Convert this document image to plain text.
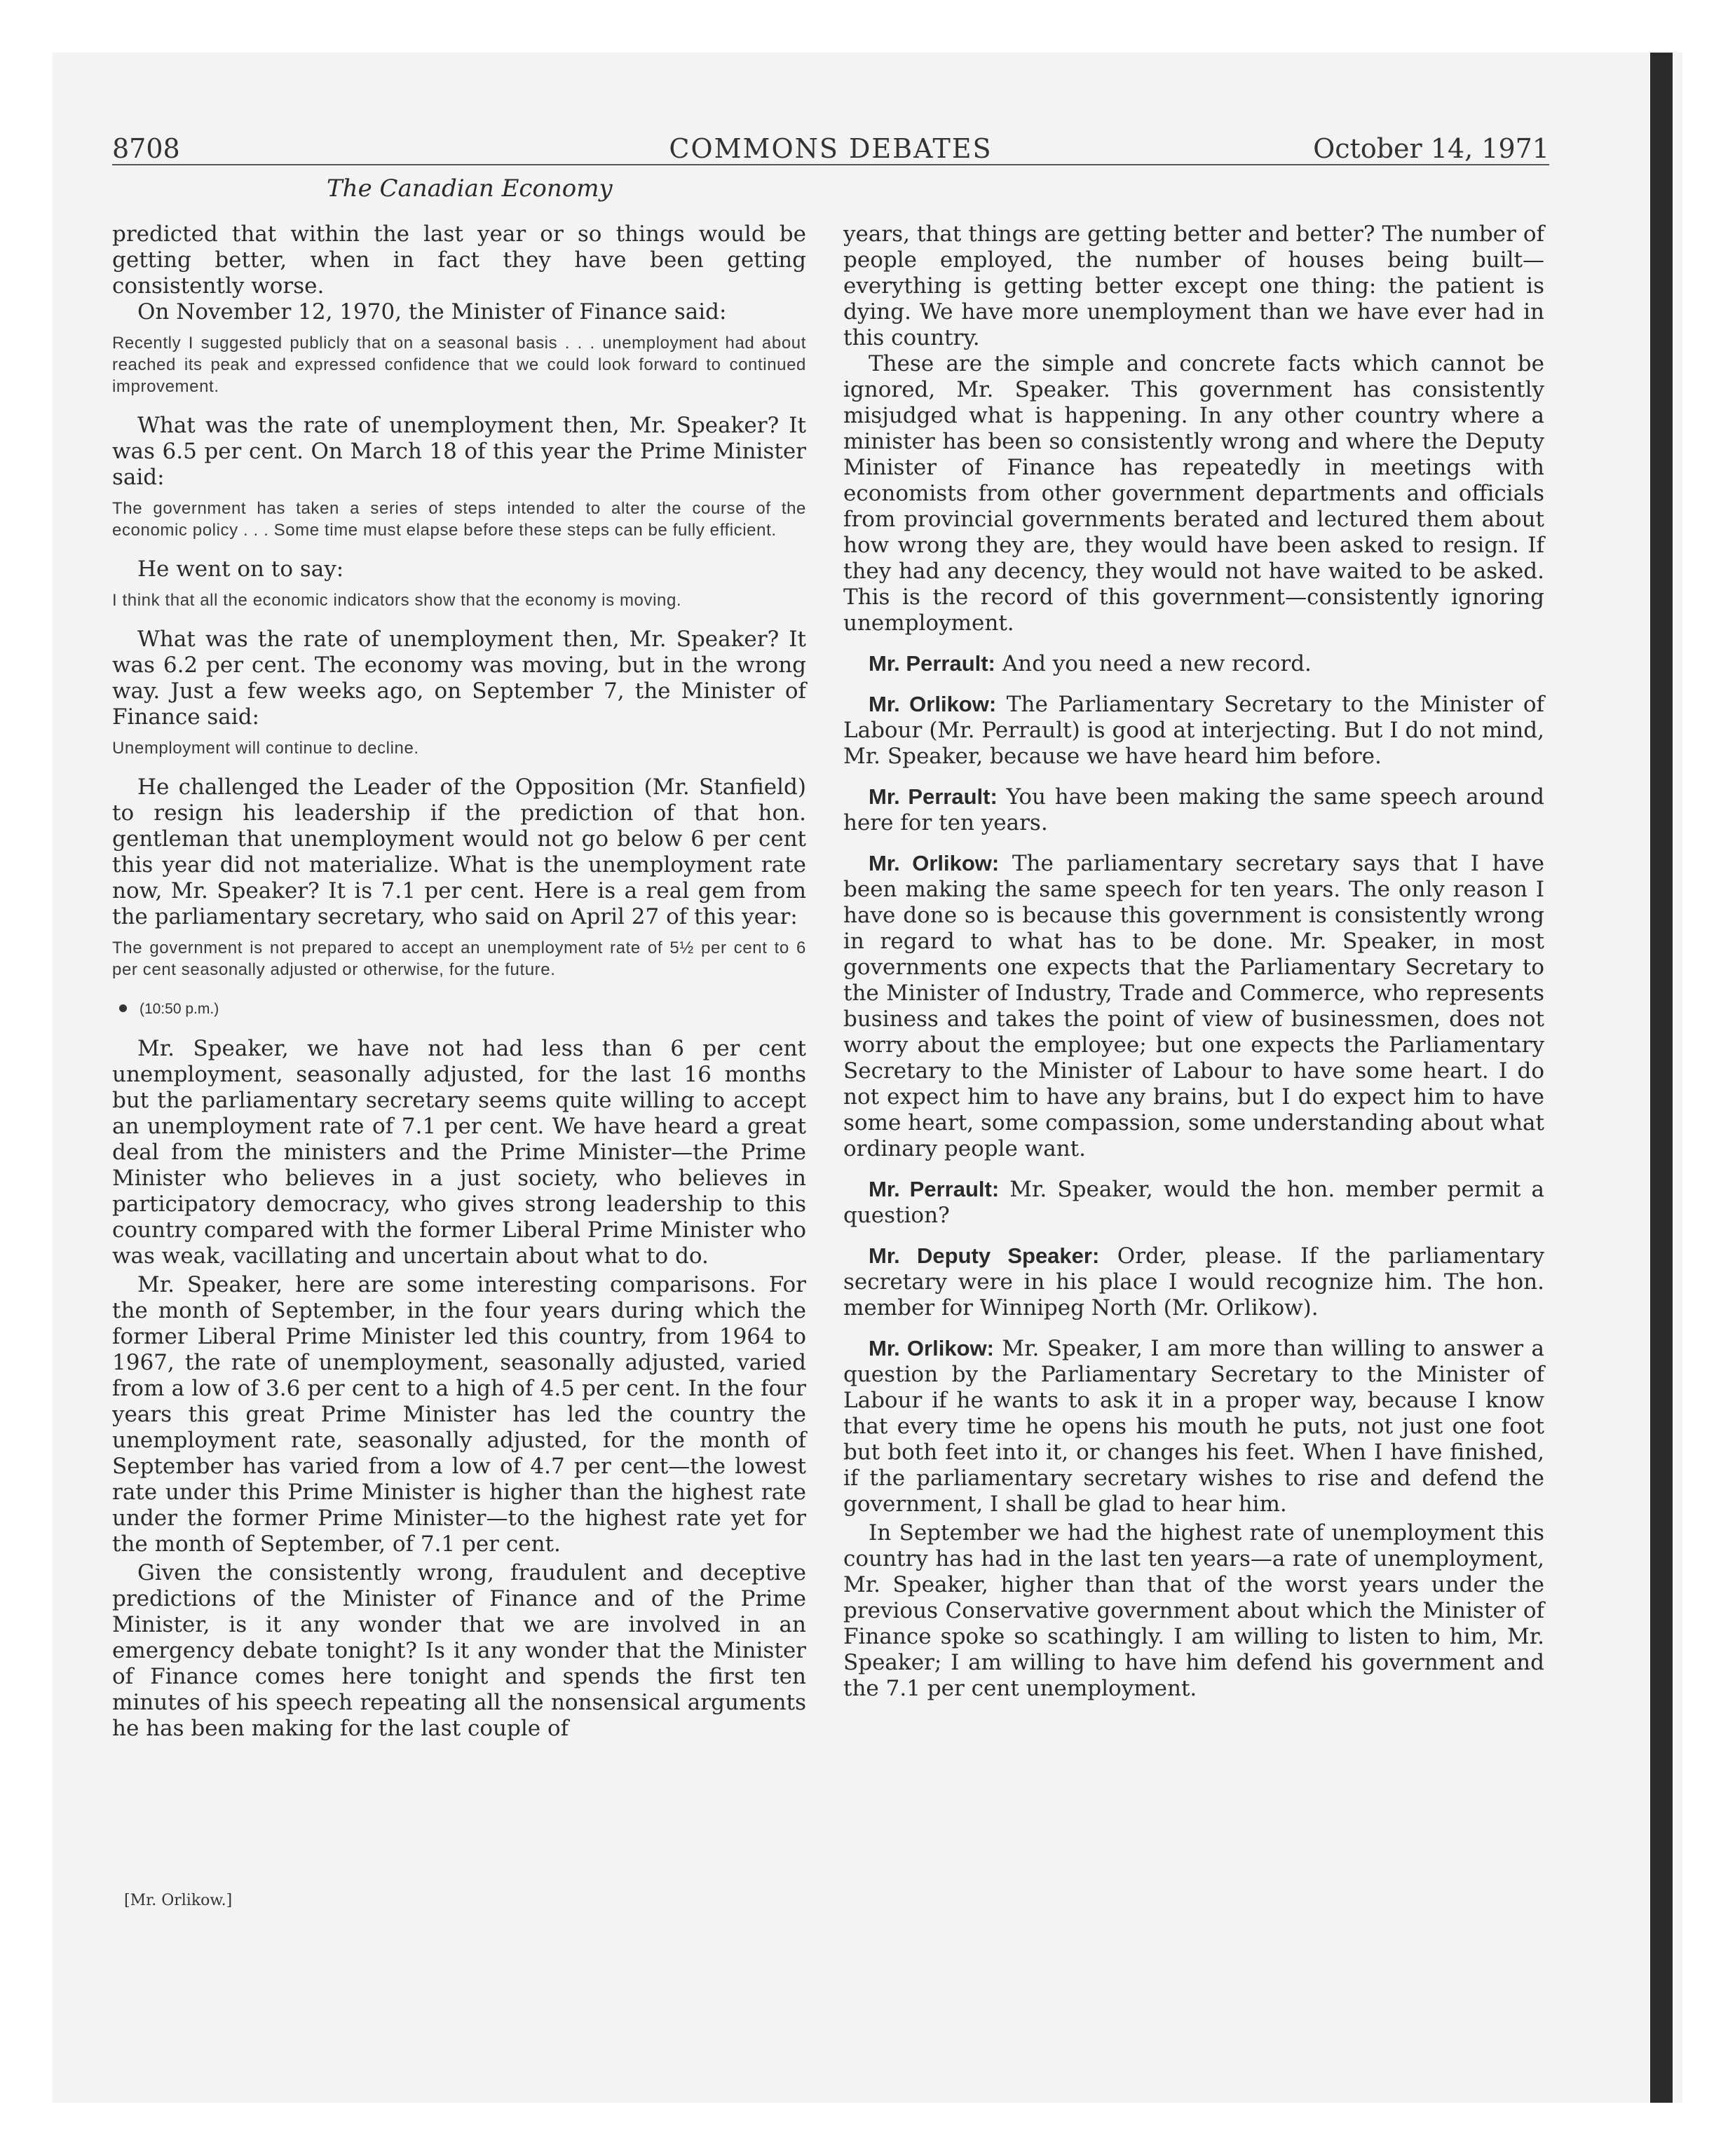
8708	COMMONS DEBATES	October 14, 1971
The Canadian Economy

predicted that within the last year or so things would be getting better, when in fact they have been getting consistently worse.

On November 12, 1970, the Minister of Finance said:

Recently I suggested publicly that on a seasonal basis . . . unemployment had about reached its peak and expressed confidence that we could look forward to continued improvement.

What was the rate of unemployment then, Mr. Speaker? It was 6.5 per cent. On March 18 of this year the Prime Minister said:

The government has taken a series of steps intended to alter the course of the economic policy . . . Some time must elapse before these steps can be fully efficient.

He went on to say:

I think that all the economic indicators show that the economy is moving.

What was the rate of unemployment then, Mr. Speaker? It was 6.2 per cent. The economy was moving, but in the wrong way. Just a few weeks ago, on September 7, the Minister of Finance said:

Unemployment will continue to decline.

He challenged the Leader of the Opposition (Mr. Stanfield) to resign his leadership if the prediction of that hon. gentleman that unemployment would not go below 6 per cent this year did not materialize. What is the unemployment rate now, Mr. Speaker? It is 7.1 per cent. Here is a real gem from the parliamentary secretary, who said on April 27 of this year:

The government is not prepared to accept an unemployment rate of 5½ per cent to 6 per cent seasonally adjusted or otherwise, for the future.

(10:50 p.m.)

Mr. Speaker, we have not had less than 6 per cent unemployment, seasonally adjusted, for the last 16 months but the parliamentary secretary seems quite willing to accept an unemployment rate of 7.1 per cent. We have heard a great deal from the ministers and the Prime Minister—the Prime Minister who believes in a just society, who believes in participatory democracy, who gives strong leadership to this country compared with the former Liberal Prime Minister who was weak, vacillating and uncertain about what to do.

Mr. Speaker, here are some interesting comparisons. For the month of September, in the four years during which the former Liberal Prime Minister led this country, from 1964 to 1967, the rate of unemployment, seasonally adjusted, varied from a low of 3.6 per cent to a high of 4.5 per cent. In the four years this great Prime Minister has led the country the unemployment rate, seasonally adjusted, for the month of September has varied from a low of 4.7 per cent—the lowest rate under this Prime Minister is higher than the highest rate under the former Prime Minister—to the highest rate yet for the month of September, of 7.1 per cent.

Given the consistently wrong, fraudulent and deceptive predictions of the Minister of Finance and of the Prime Minister, is it any wonder that we are involved in an emergency debate tonight? Is it any wonder that the Minister of Finance comes here tonight and spends the first ten minutes of his speech repeating all the nonsensical arguments he has been making for the last couple of

years, that things are getting better and better? The number of people employed, the number of houses being built—everything is getting better except one thing: the patient is dying. We have more unemployment than we have ever had in this country.

These are the simple and concrete facts which cannot be ignored, Mr. Speaker. This government has consistently misjudged what is happening. In any other country where a minister has been so consistently wrong and where the Deputy Minister of Finance has repeatedly in meetings with economists from other government departments and officials from provincial governments berated and lectured them about how wrong they are, they would have been asked to resign. If they had any decency, they would not have waited to be asked. This is the record of this government—consistently ignoring unemployment.

Mr. Perrault: And you need a new record.

Mr. Orlikow: The Parliamentary Secretary to the Minister of Labour (Mr. Perrault) is good at interjecting. But I do not mind, Mr. Speaker, because we have heard him before.

Mr. Perrault: You have been making the same speech around here for ten years.

Mr. Orlikow: The parliamentary secretary says that I have been making the same speech for ten years. The only reason I have done so is because this government is consistently wrong in regard to what has to be done. Mr. Speaker, in most governments one expects that the Parliamentary Secretary to the Minister of Industry, Trade and Commerce, who represents business and takes the point of view of businessmen, does not worry about the employee; but one expects the Parliamentary Secretary to the Minister of Labour to have some heart. I do not expect him to have any brains, but I do expect him to have some heart, some compassion, some understanding about what ordinary people want.

Mr. Perrault: Mr. Speaker, would the hon. member permit a question?

Mr. Deputy Speaker: Order, please. If the parliamentary secretary were in his place I would recognize him. The hon. member for Winnipeg North (Mr. Orlikow).

Mr. Orlikow: Mr. Speaker, I am more than willing to answer a question by the Parliamentary Secretary to the Minister of Labour if he wants to ask it in a proper way, because I know that every time he opens his mouth he puts, not just one foot but both feet into it, or changes his feet. When I have finished, if the parliamentary secretary wishes to rise and defend the government, I shall be glad to hear him.

In September we had the highest rate of unemployment this country has had in the last ten years—a rate of unemployment, Mr. Speaker, higher than that of the worst years under the previous Conservative government about which the Minister of Finance spoke so scathingly. I am willing to listen to him, Mr. Speaker; I am willing to have him defend his government and the 7.1 per cent unemployment.

[Mr. Orlikow.]
